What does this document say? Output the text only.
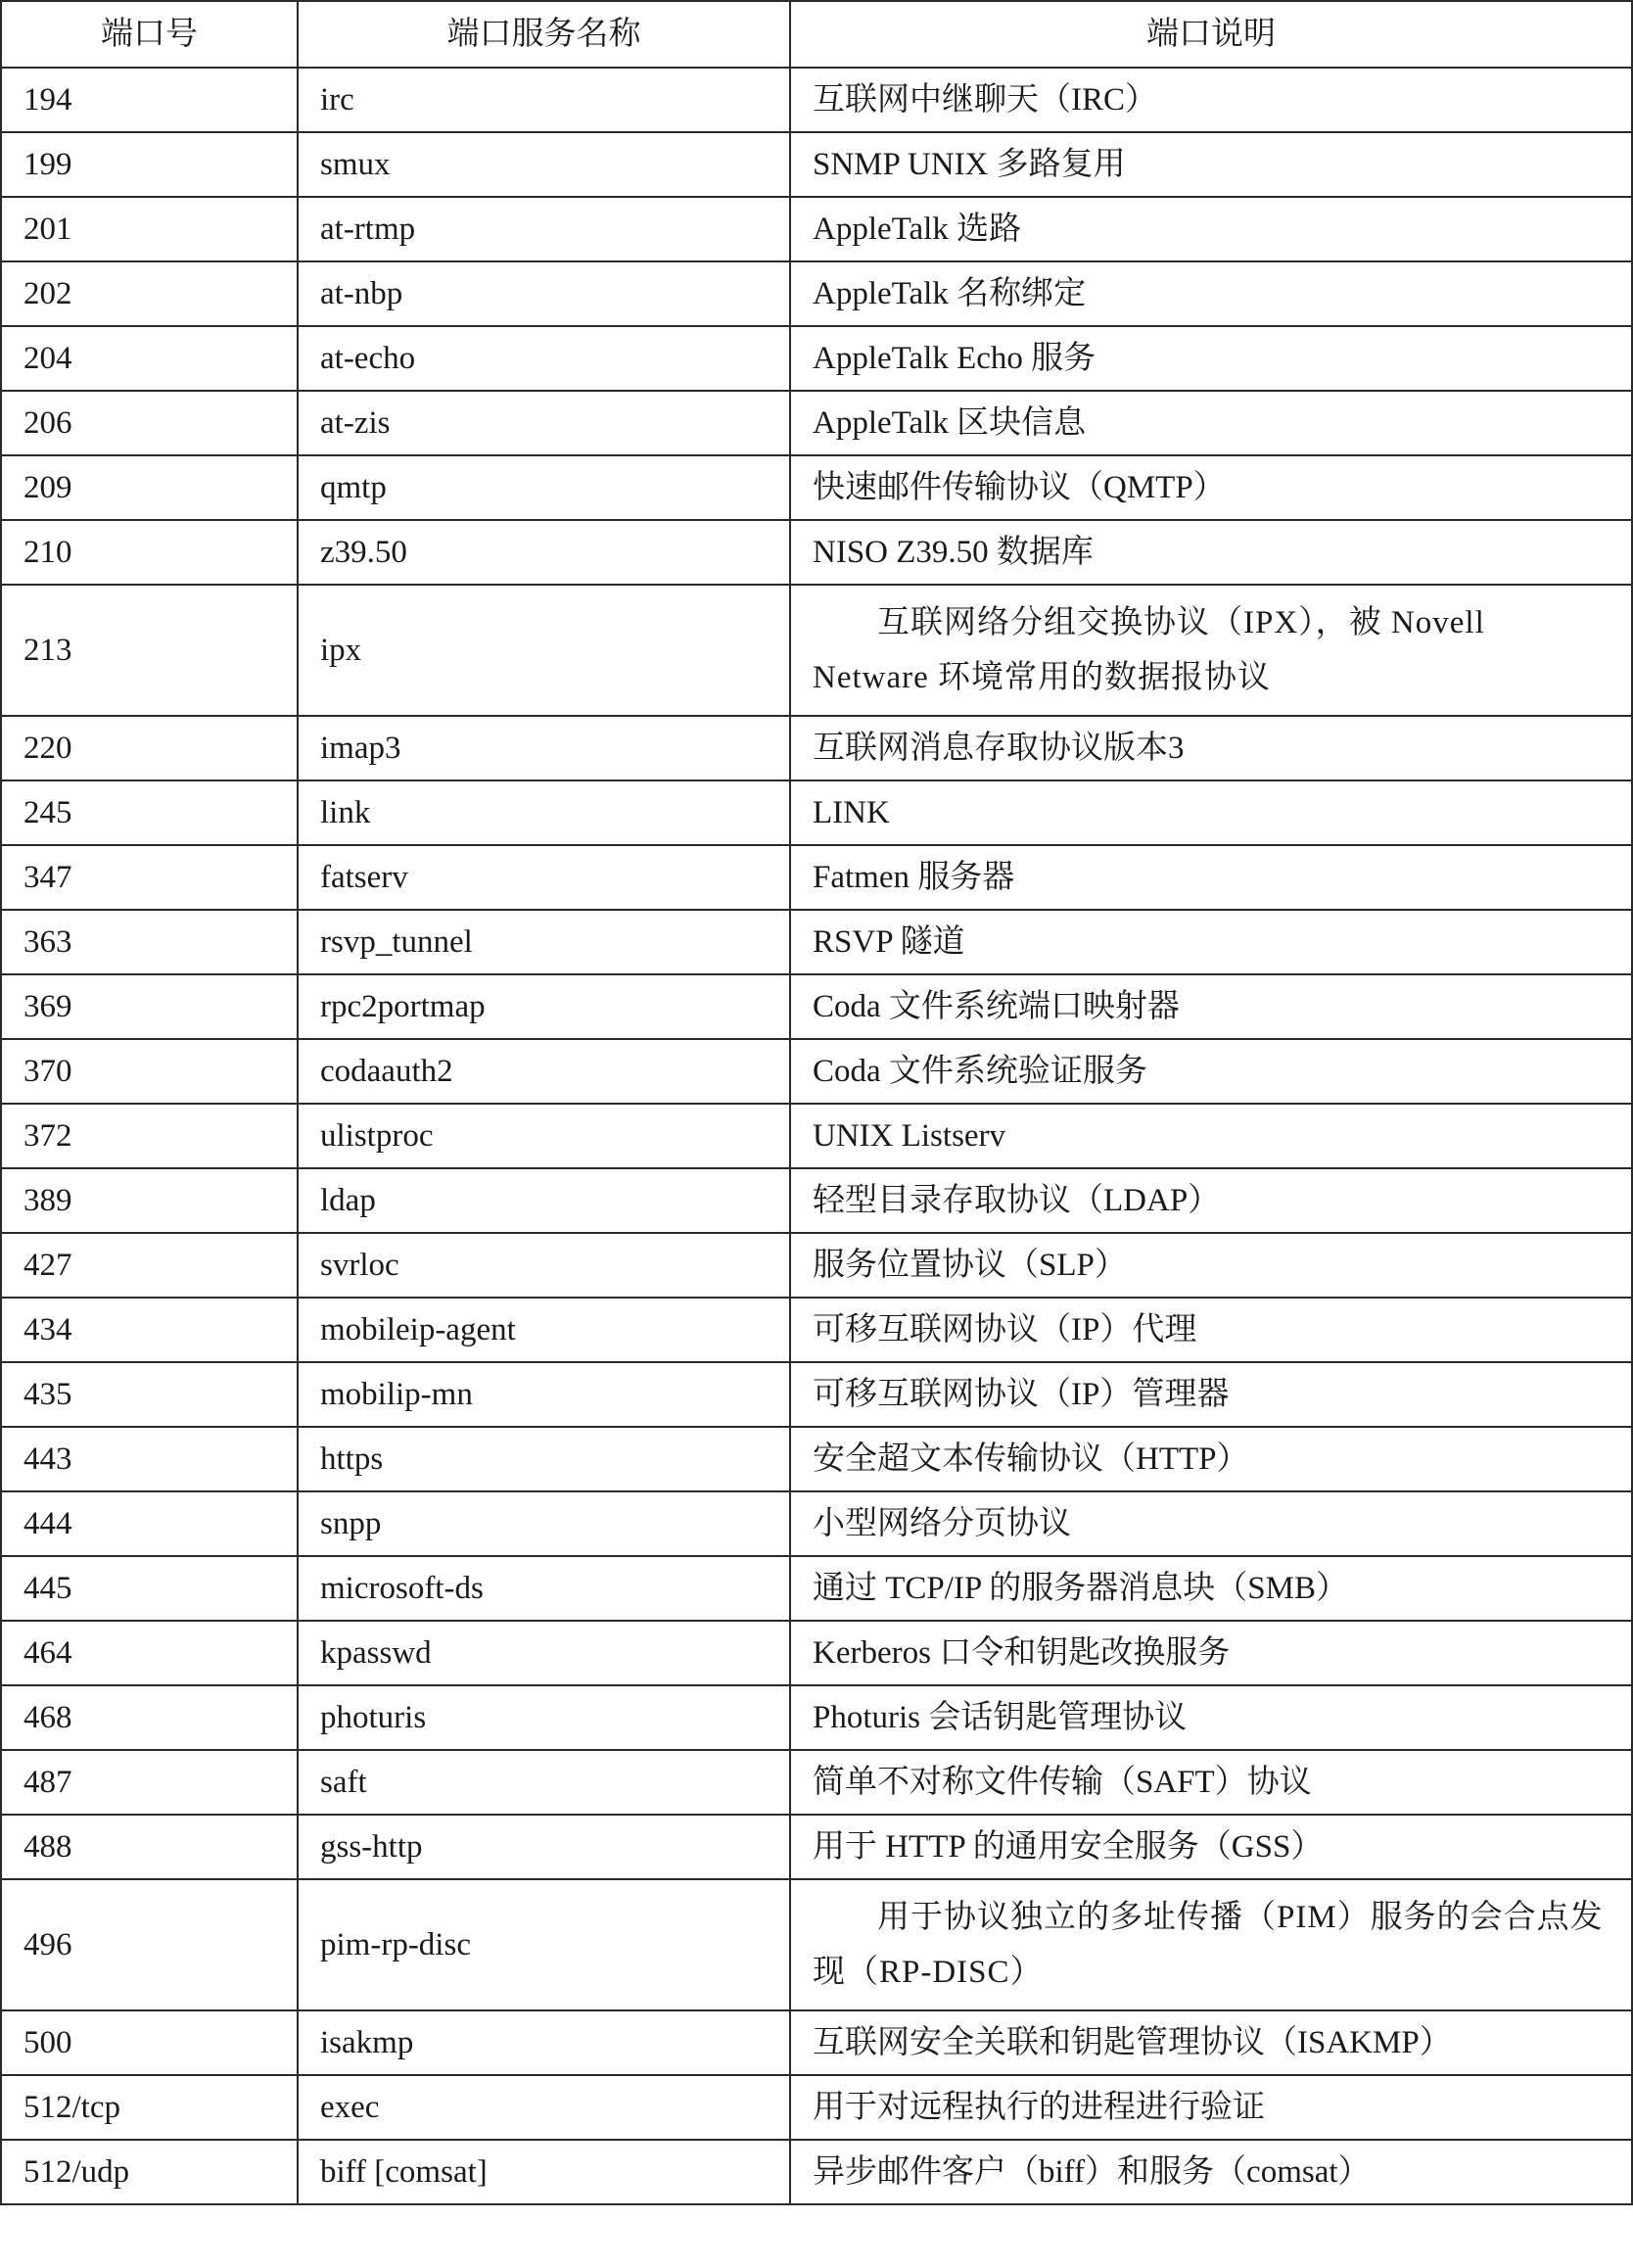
端口号	端口服务名称	端口说明
194	irc	互联网中继聊天（IRC）
199	smux	SNMP UNIX 多路复用
201	at-rtmp	AppleTalk 选路
202	at-nbp	AppleTalk 名称绑定
204	at-echo	AppleTalk Echo 服务
206	at-zis	AppleTalk 区块信息
209	qmtp	快速邮件传输协议（QMTP）
210	z39.50	NISO Z39.50 数据库
213	ipx	互联网络分组交换协议（IPX），被 Novell Netware 环境常用的数据报协议
220	imap3	互联网消息存取协议版本3
245	link	LINK
347	fatserv	Fatmen 服务器
363	rsvp_tunnel	RSVP 隧道
369	rpc2portmap	Coda 文件系统端口映射器
370	codaauth2	Coda 文件系统验证服务
372	ulistproc	UNIX Listserv
389	ldap	轻型目录存取协议（LDAP）
427	svrloc	服务位置协议（SLP）
434	mobileip-agent	可移互联网协议（IP）代理
435	mobilip-mn	可移互联网协议（IP）管理器
443	https	安全超文本传输协议（HTTP）
444	snpp	小型网络分页协议
445	microsoft-ds	通过 TCP/IP 的服务器消息块（SMB）
464	kpasswd	Kerberos 口令和钥匙改换服务
468	photuris	Photuris 会话钥匙管理协议
487	saft	简单不对称文件传输（SAFT）协议
488	gss-http	用于 HTTP 的通用安全服务（GSS）
496	pim-rp-disc	用于协议独立的多址传播（PIM）服务的会合点发现（RP-DISC）
500	isakmp	互联网安全关联和钥匙管理协议（ISAKMP）
512/tcp	exec	用于对远程执行的进程进行验证
512/udp	biff [comsat]	异步邮件客户（biff）和服务（comsat）
